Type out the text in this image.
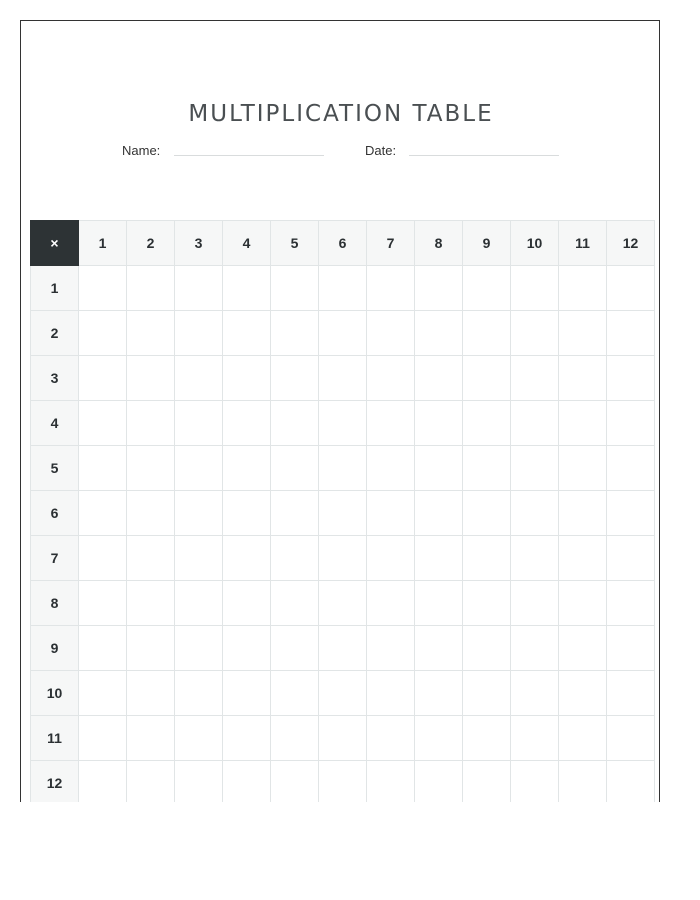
MULTIPLICATION TABLE
Name:	Date:
×	1	2	3	4	5	6	7	8	9	10	11	12
1												
2												
3												
4												
5												
6												
7												
8												
9												
10												
11												
12												
